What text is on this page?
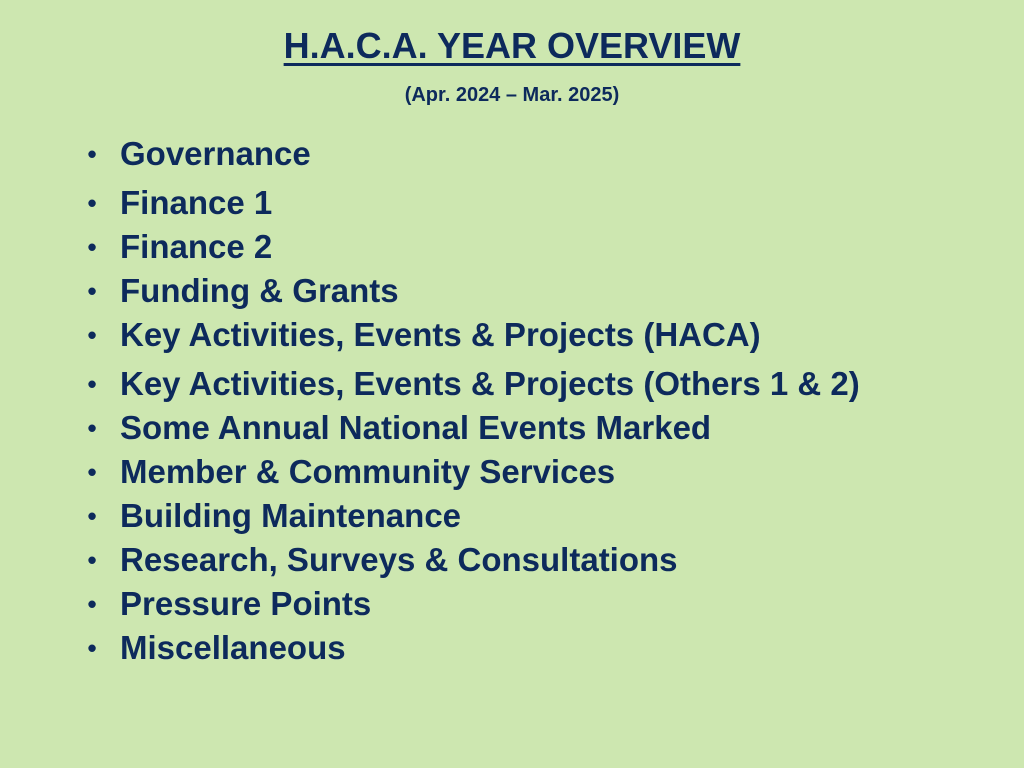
H.A.C.A. YEAR OVERVIEW
(Apr. 2024 – Mar. 2025)
• Governance
• Finance 1
• Finance 2
• Funding & Grants
• Key Activities, Events & Projects (HACA)
• Key Activities, Events & Projects (Others 1 & 2)
• Some Annual National Events Marked
• Member & Community Services
• Building Maintenance
• Research, Surveys & Consultations
• Pressure Points
• Miscellaneous
